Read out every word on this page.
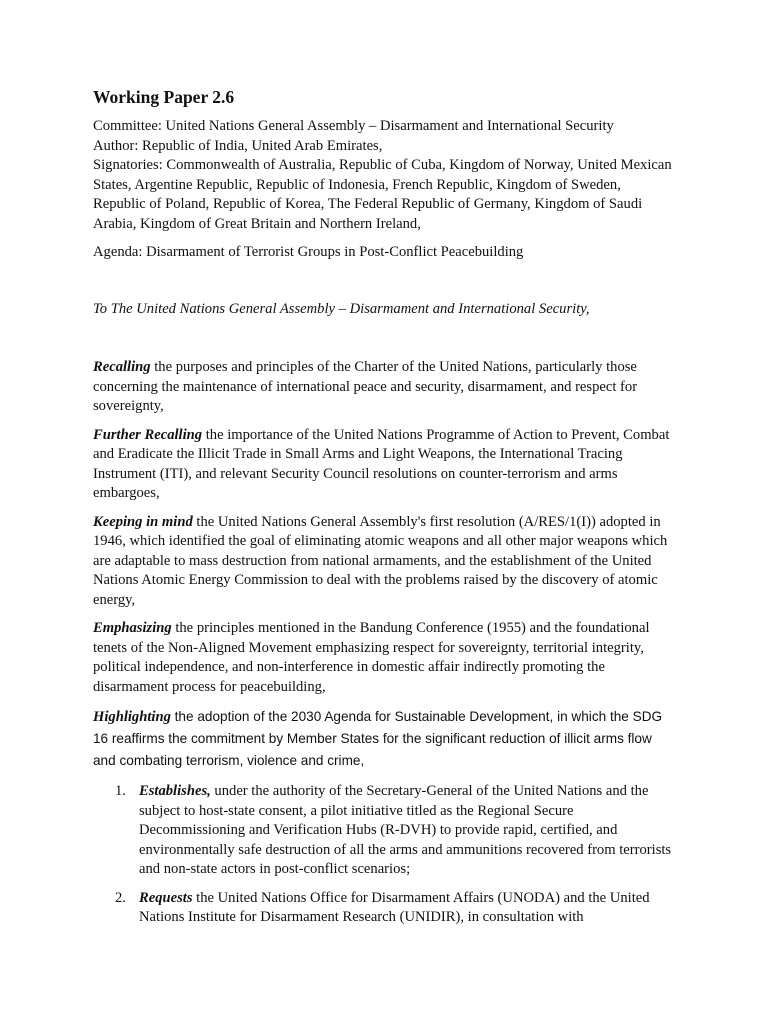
Working Paper 2.6

Committee: United Nations General Assembly – Disarmament and International Security

Author: Republic of India, United Arab Emirates,

Signatories: Commonwealth of Australia, Republic of Cuba, Kingdom of Norway, United Mexican States, Argentine Republic, Republic of Indonesia, French Republic, Kingdom of Sweden, Republic of Poland, Republic of Korea, The Federal Republic of Germany, Kingdom of Saudi Arabia, Kingdom of Great Britain and Northern Ireland,

Agenda: Disarmament of Terrorist Groups in Post-Conflict Peacebuilding

To The United Nations General Assembly – Disarmament and International Security,

Recalling the purposes and principles of the Charter of the United Nations, particularly those concerning the maintenance of international peace and security, disarmament, and respect for sovereignty,

Further Recalling the importance of the United Nations Programme of Action to Prevent, Combat and Eradicate the Illicit Trade in Small Arms and Light Weapons, the International Tracing Instrument (ITI), and relevant Security Council resolutions on counter-terrorism and arms embargoes,

Keeping in mind the United Nations General Assembly's first resolution (A/RES/1(I)) adopted in 1946, which identified the goal of eliminating atomic weapons and all other major weapons which are adaptable to mass destruction from national armaments, and the establishment of the United Nations Atomic Energy Commission to deal with the problems raised by the discovery of atomic energy,

Emphasizing the principles mentioned in the Bandung Conference (1955) and the foundational tenets of the Non-Aligned Movement emphasizing respect for sovereignty, territorial integrity, political independence, and non-interference in domestic affair indirectly promoting the disarmament process for peacebuilding,

Highlighting the adoption of the 2030 Agenda for Sustainable Development, in which the SDG 16 reaffirms the commitment by Member States for the significant reduction of illicit arms flow and combating terrorism, violence and crime,

1. Establishes, under the authority of the Secretary-General of the United Nations and the subject to host-state consent, a pilot initiative titled as the Regional Secure Decommissioning and Verification Hubs (R-DVH) to provide rapid, certified, and environmentally safe destruction of all the arms and ammunitions recovered from terrorists and non-state actors in post-conflict scenarios;
2. Requests the United Nations Office for Disarmament Affairs (UNODA) and the United Nations Institute for Disarmament Research (UNIDIR), in consultation with
